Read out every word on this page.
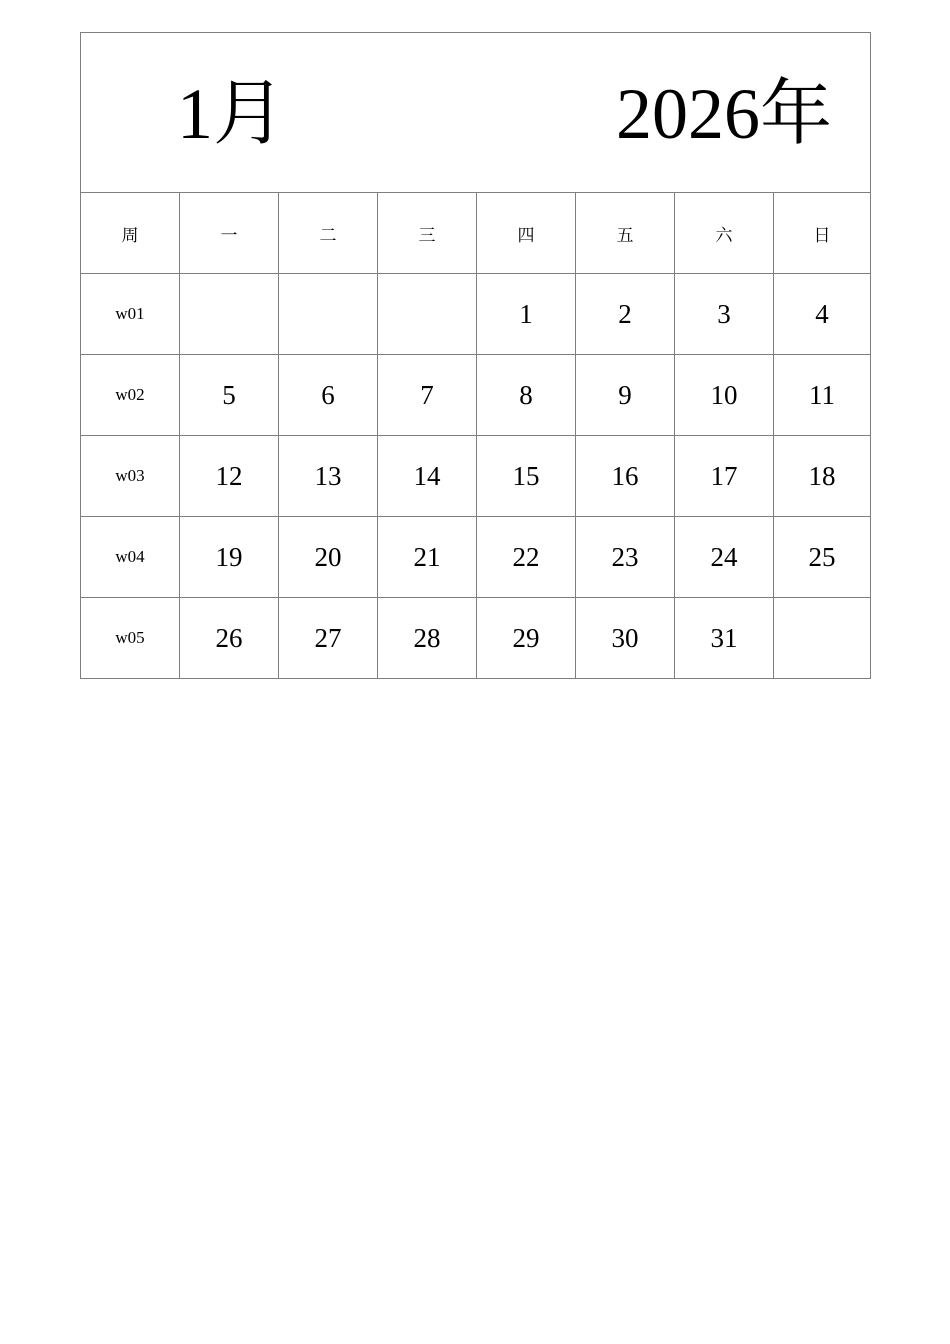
1月 2026年							

周	一	二	三	四	五	六	日
w01				1	2	3	4
w02	5	6	7	8	9	10	11
w03	12	13	14	15	16	17	18
w04	19	20	21	22	23	24	25
w05	26	27	28	29	30	31	
